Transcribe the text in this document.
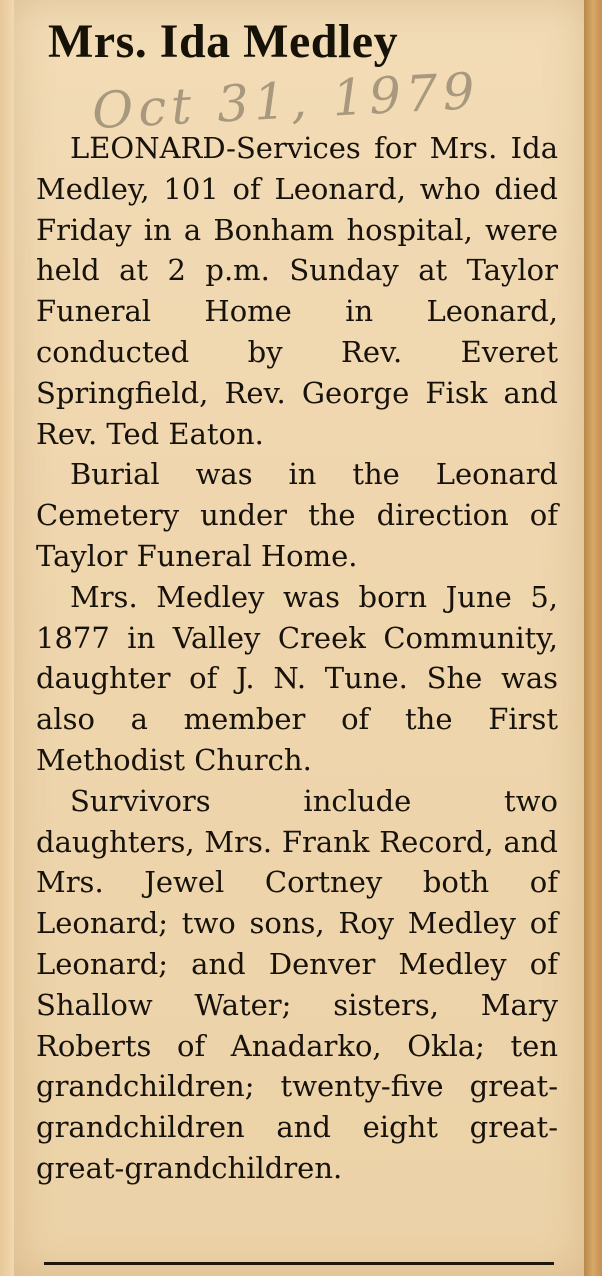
Mrs. Ida Medley
Oct 31, 1979

LEONARD-Services for Mrs. Ida Medley, 101 of Leonard, who died Friday in a Bonham hospital, were held at 2 p.m. Sunday at Taylor Funeral Home in Leonard, conducted by Rev. Everet Springfield, Rev. George Fisk and Rev. Ted Eaton.

Burial was in the Leonard Cemetery under the direction of Taylor Funeral Home.

Mrs. Medley was born June 5, 1877 in Valley Creek Community, daughter of J. N. Tune. She was also a member of the First Methodist Church.

Survivors include two daughters, Mrs. Frank Record, and Mrs. Jewel Cortney both of Leonard; two sons, Roy Medley of Leonard; and Denver Medley of Shallow Water; sisters, Mary Roberts of Anadarko, Okla; ten grandchildren; twenty-five great-grandchildren and eight great-great-grandchildren.
